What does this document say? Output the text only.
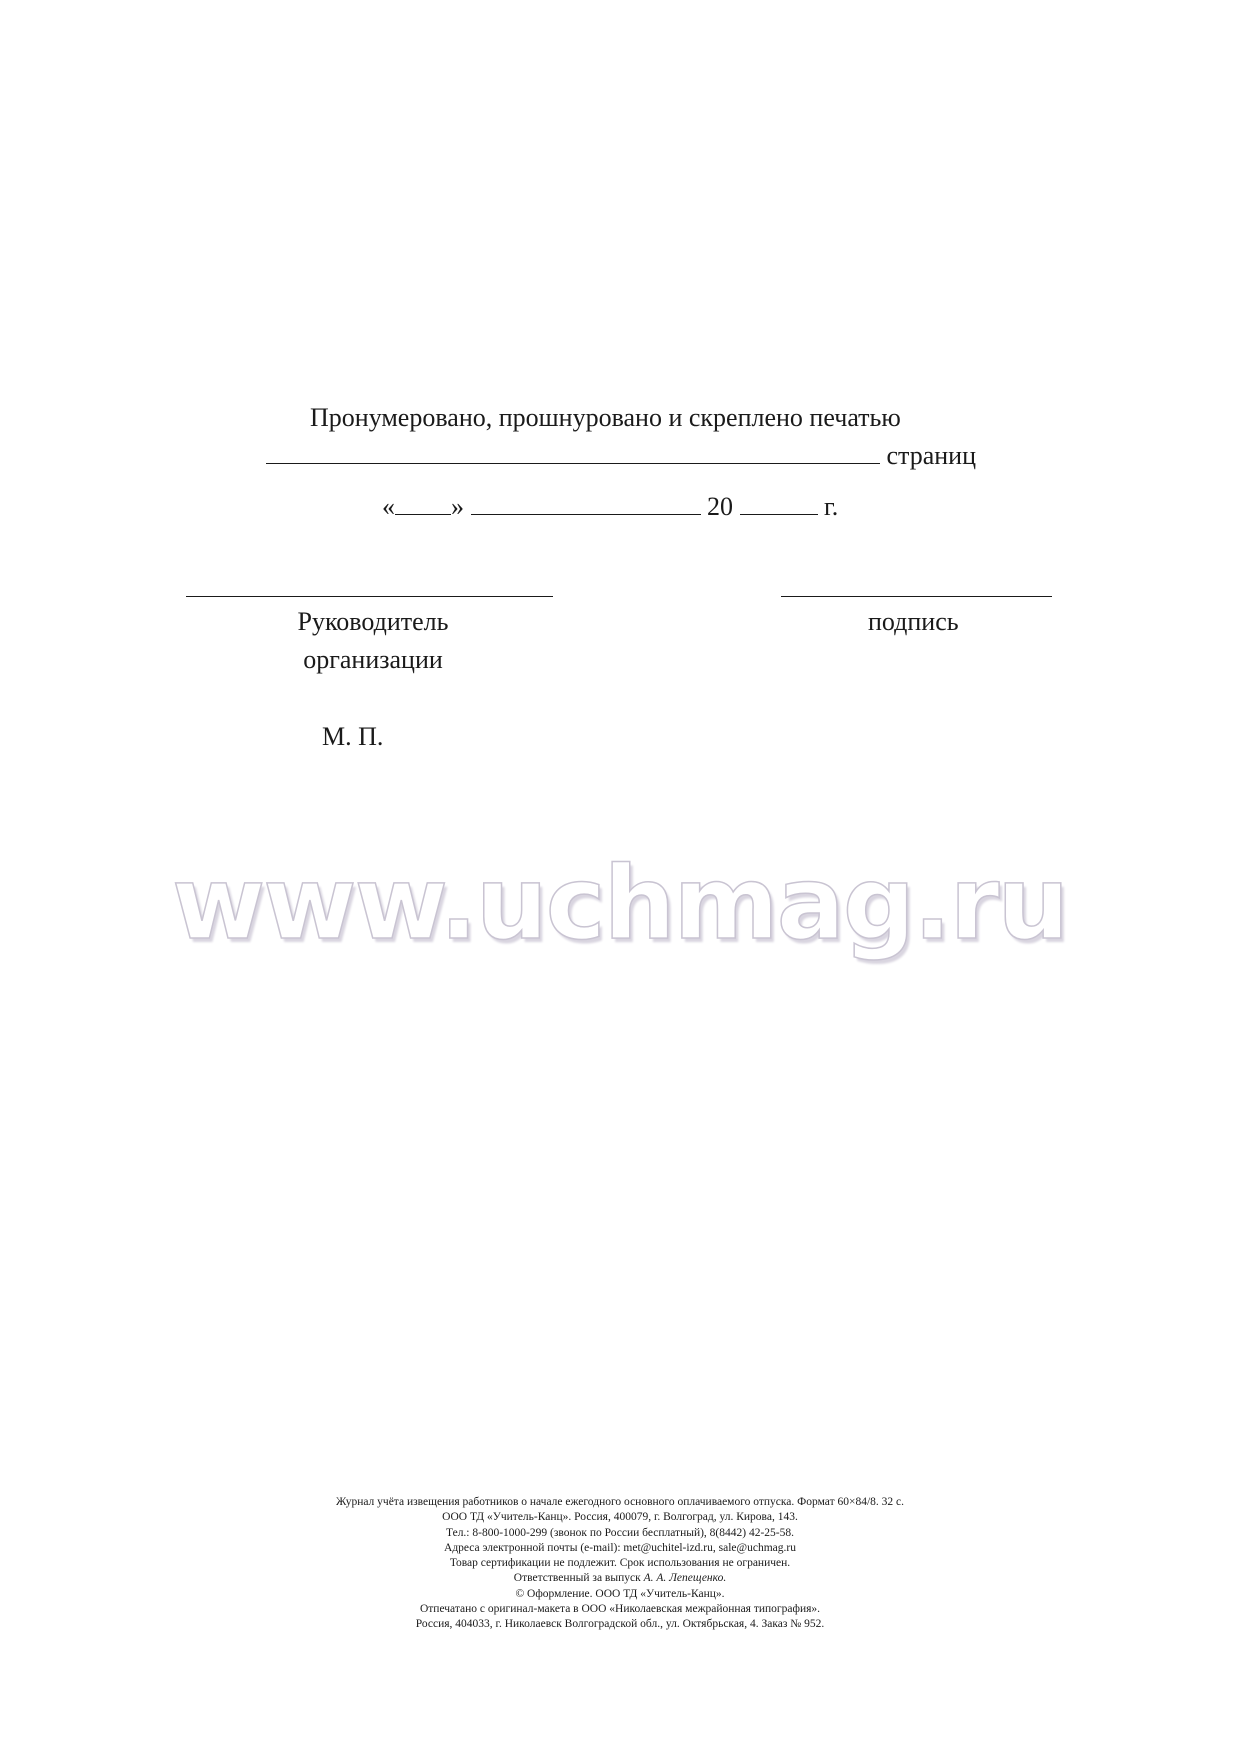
Пронумеровано, прошнуровано и скреплено печатью
страниц
« »	20	г.
Руководитель организации
подпись
М. П.
www.uchmag.ru
Журнал учёта извещения работников о начале ежегодного основного оплачиваемого отпуска. Формат 60×84/8. 32 с.
ООО ТД «Учитель-Канц». Россия, 400079, г. Волгоград, ул. Кирова, 143.
Тел.: 8-800-1000-299 (звонок по России бесплатный), 8(8442) 42-25-58.
Адреса электронной почты (e-mail): met@uchitel-izd.ru, sale@uchmag.ru
Товар сертификации не подлежит. Срок использования не ограничен.
Ответственный за выпуск А. А. Лепещенко.
© Оформление. ООО ТД «Учитель-Канц».
Отпечатано с оригинал-макета в ООО «Николаевская межрайонная типография».
Россия, 404033, г. Николаевск Волгоградской обл., ул. Октябрьская, 4. Заказ № 952.
